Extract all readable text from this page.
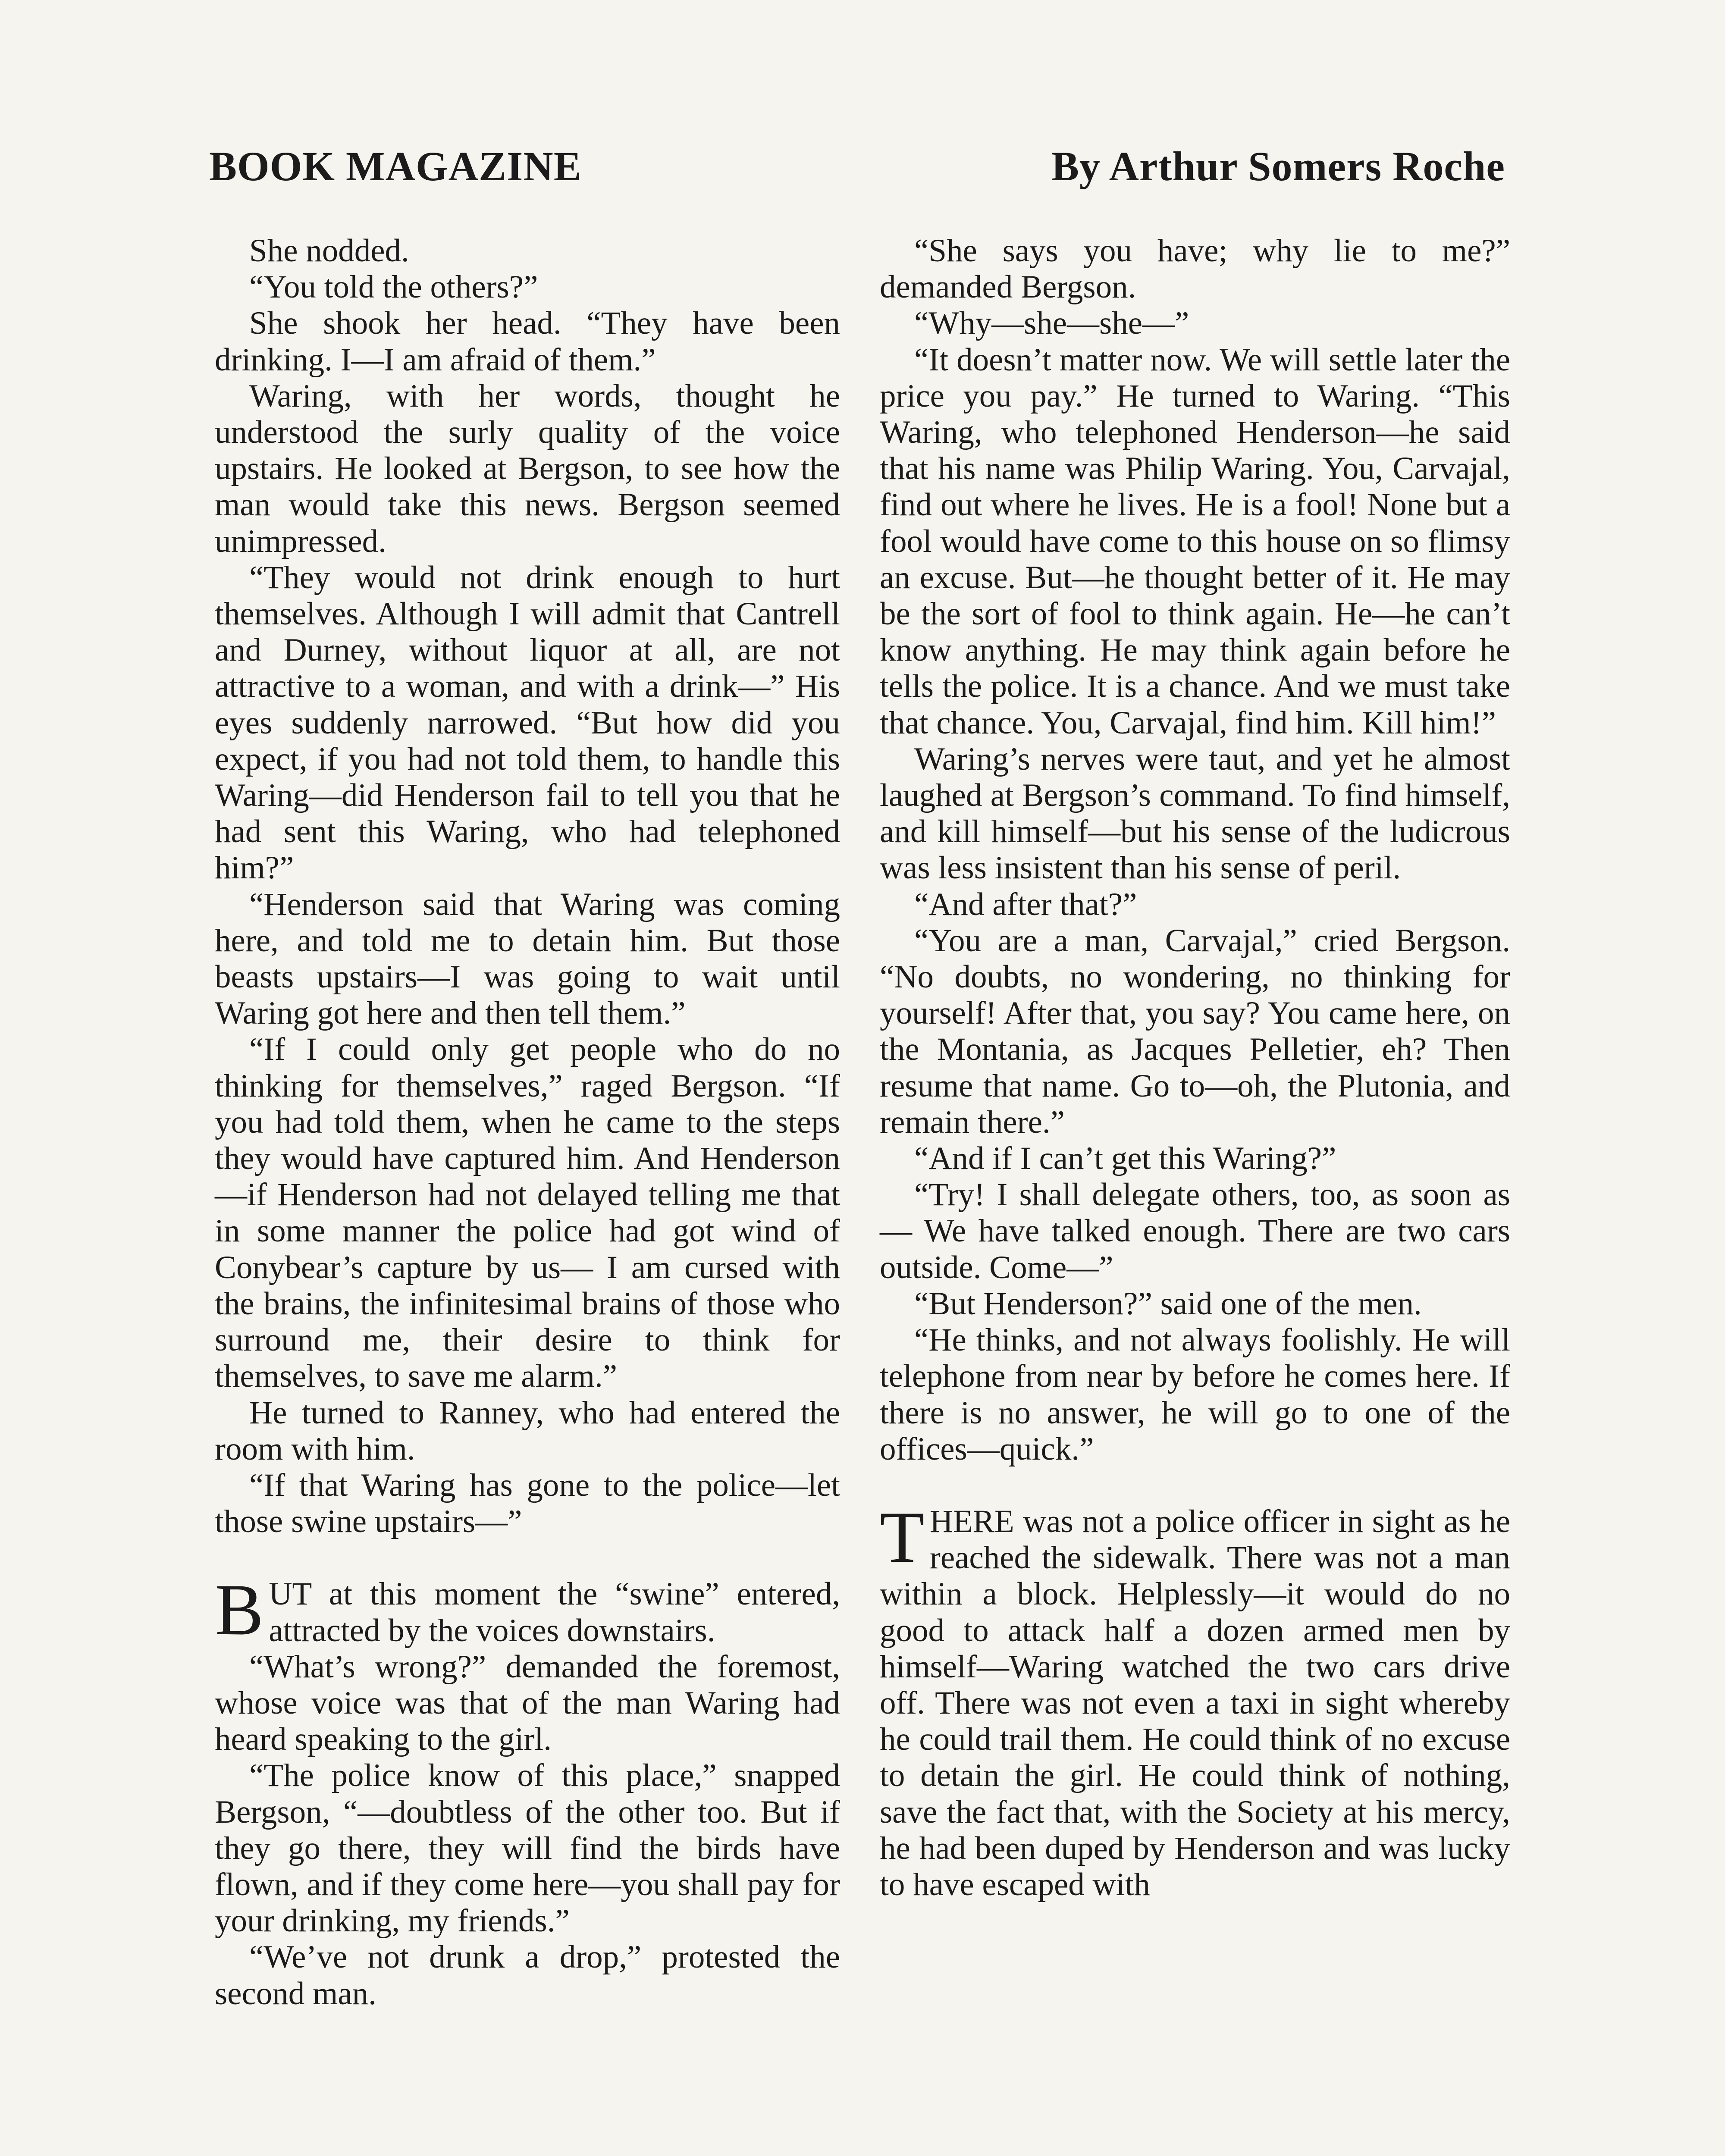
BOOK MAGAZINE	By Arthur Somers Roche

She nodded.

“You told the others?”

She shook her head. “They have been drinking. I—I am afraid of them.”

Waring, with her words, thought he understood the surly quality of the voice upstairs. He looked at Bergson, to see how the man would take this news. Bergson seemed unimpressed.

“They would not drink enough to hurt themselves. Although I will admit that Cantrell and Durney, without liquor at all, are not attractive to a woman, and with a drink—” His eyes suddenly narrowed. “But how did you expect, if you had not told them, to handle this Waring—did Henderson fail to tell you that he had sent this Waring, who had telephoned him?”

“Henderson said that Waring was coming here, and told me to detain him. But those beasts upstairs—I was going to wait until Waring got here and then tell them.”

“If I could only get people who do no thinking for themselves,” raged Bergson. “If you had told them, when he came to the steps they would have captured him. And Henderson—if Henderson had not delayed telling me that in some manner the police had got wind of Conybear’s capture by us— I am cursed with the brains, the infinitesimal brains of those who surround me, their desire to think for themselves, to save me alarm.”

He turned to Ranney, who had entered the room with him.

“If that Waring has gone to the police—let those swine upstairs—”

BUT at this moment the “swine” entered, attracted by the voices downstairs.

“What’s wrong?” demanded the foremost, whose voice was that of the man Waring had heard speaking to the girl.

“The police know of this place,” snapped Bergson, “—doubtless of the other too. But if they go there, they will find the birds have flown, and if they come here—you shall pay for your drinking, my friends.”

“We’ve not drunk a drop,” protested the second man.

“She says you have; why lie to me?” demanded Bergson.

“Why—she—she—”

“It doesn’t matter now. We will settle later the price you pay.” He turned to Waring. “This Waring, who telephoned Henderson—he said that his name was Philip Waring. You, Carvajal, find out where he lives. He is a fool! None but a fool would have come to this house on so flimsy an excuse. But—he thought better of it. He may be the sort of fool to think again. He—he can’t know anything. He may think again before he tells the police. It is a chance. And we must take that chance. You, Carvajal, find him. Kill him!”

Waring’s nerves were taut, and yet he almost laughed at Bergson’s command. To find himself, and kill himself—but his sense of the ludicrous was less insistent than his sense of peril.

“And after that?”

“You are a man, Carvajal,” cried Bergson. “No doubts, no wondering, no thinking for yourself! After that, you say? You came here, on the Montania, as Jacques Pelletier, eh? Then resume that name. Go to—oh, the Plutonia, and remain there.”

“And if I can’t get this Waring?”

“Try! I shall delegate others, too, as soon as— We have talked enough. There are two cars outside. Come—”

“But Henderson?” said one of the men.

“He thinks, and not always foolishly. He will telephone from near by before he comes here. If there is no answer, he will go to one of the offices—quick.”

THERE was not a police officer in sight as he reached the sidewalk. There was not a man within a block. Helplessly—it would do no good to attack half a dozen armed men by himself—Waring watched the two cars drive off. There was not even a taxi in sight whereby he could trail them. He could think of no excuse to detain the girl. He could think of nothing, save the fact that, with the Society at his mercy, he had been duped by Henderson and was lucky to have escaped with
